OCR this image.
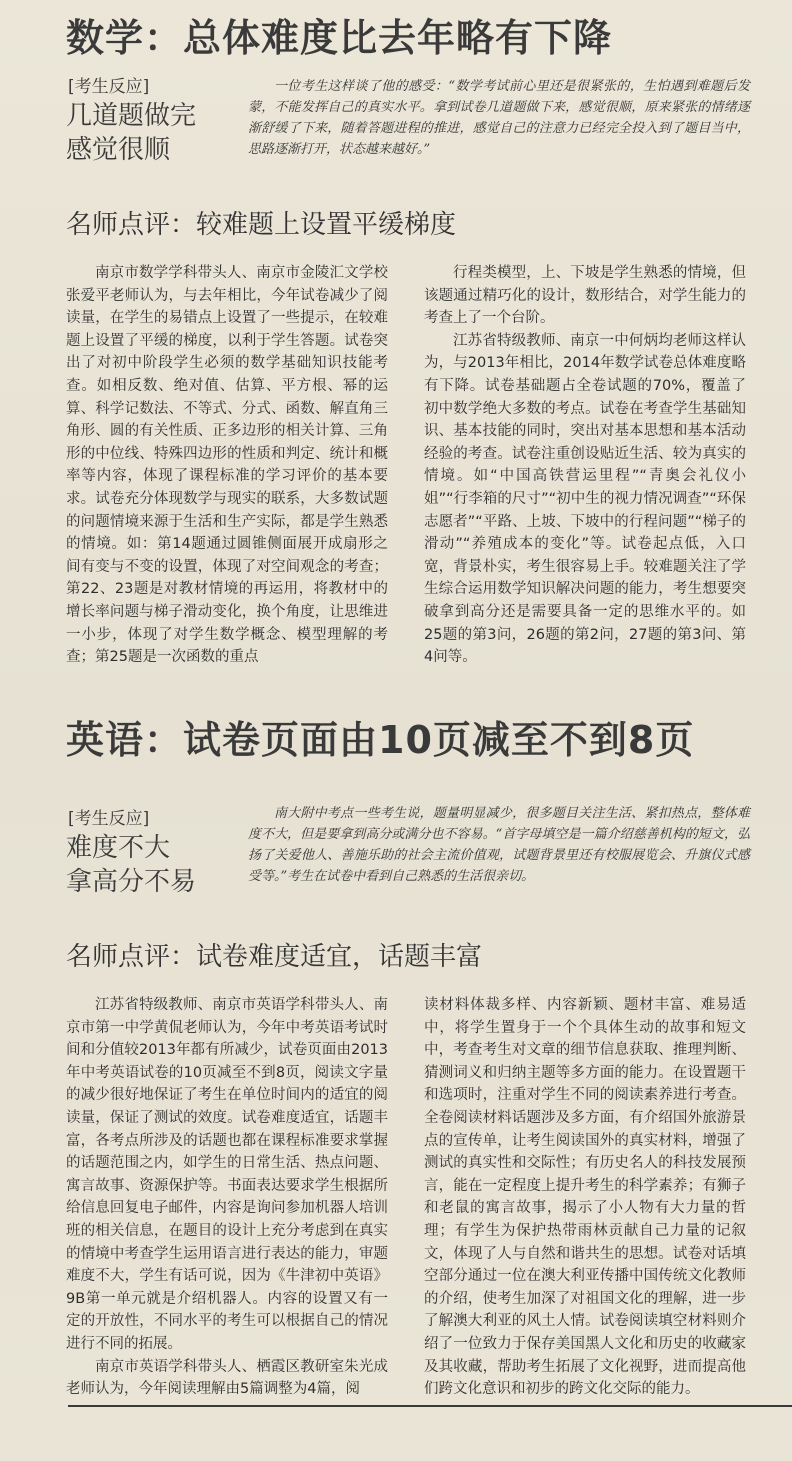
数学：总体难度比去年略有下降
[考生反应]
几道题做完
感觉很顺

一位考生这样谈了他的感受：“数学考试前心里还是很紧张的，生怕遇到难题后发蒙，不能发挥自己的真实水平。拿到试卷几道题做下来，感觉很顺，原来紧张的情绪逐渐舒缓了下来，随着答题进程的推进，感觉自己的注意力已经完全投入到了题目当中，思路逐渐打开，状态越来越好。”

名师点评：较难题上设置平缓梯度

南京市数学学科带头人、南京市金陵汇文学校张爱平老师认为，与去年相比，今年试卷减少了阅读量，在学生的易错点上设置了一些提示，在较难题上设置了平缓的梯度，以利于学生答题。试卷突出了对初中阶段学生必须的数学基础知识技能考查。如相反数、绝对值、估算、平方根、幂的运算、科学记数法、不等式、分式、函数、解直角三角形、圆的有关性质、正多边形的相关计算、三角形的中位线、特殊四边形的性质和判定、统计和概率等内容，体现了课程标准的学习评价的基本要求。试卷充分体现数学与现实的联系，大多数试题的问题情境来源于生活和生产实际，都是学生熟悉的情境。如：第14题通过圆锥侧面展开成扇形之间有变与不变的设置，体现了对空间观念的考查；第22、23题是对教材情境的再运用，将教材中的增长率问题与梯子滑动变化，换个角度，让思维进一小步，体现了对学生数学概念、模型理解的考查；第25题是一次函数的重点

行程类模型，上、下坡是学生熟悉的情境，但该题通过精巧化的设计，数形结合，对学生能力的考查上了一个台阶。

江苏省特级教师、南京一中何炳均老师这样认为，与2013年相比，2014年数学试卷总体难度略有下降。试卷基础题占全卷试题的70%，覆盖了初中数学绝大多数的考点。试卷在考查学生基础知识、基本技能的同时，突出对基本思想和基本活动经验的考查。试卷注重创设贴近生活、较为真实的情境。如“中国高铁营运里程”“青奥会礼仪小姐”“行李箱的尺寸”“初中生的视力情况调查”“环保志愿者”“平路、上坡、下坡中的行程问题”“梯子的滑动”“养殖成本的变化”等。试卷起点低，入口宽，背景朴实，考生很容易上手。较难题关注了学生综合运用数学知识解决问题的能力，考生想要突破拿到高分还是需要具备一定的思维水平的。如25题的第3问，26题的第2问，27题的第3问、第4问等。

英语：试卷页面由10页减至不到8页
[考生反应]
难度不大
拿高分不易

南大附中考点一些考生说，题量明显减少，很多题目关注生活、紧扣热点，整体难度不大，但是要拿到高分或满分也不容易。“首字母填空是一篇介绍慈善机构的短文，弘扬了关爱他人、善施乐助的社会主流价值观，试题背景里还有校服展览会、升旗仪式感受等。”考生在试卷中看到自己熟悉的生活很亲切。

名师点评：试卷难度适宜，话题丰富

江苏省特级教师、南京市英语学科带头人、南京市第一中学黄侃老师认为，今年中考英语考试时间和分值较2013年都有所减少，试卷页面由2013年中考英语试卷的10页减至不到8页，阅读文字量的减少很好地保证了考生在单位时间内的适宜的阅读量，保证了测试的效度。试卷难度适宜，话题丰富，各考点所涉及的话题也都在课程标准要求掌握的话题范围之内，如学生的日常生活、热点问题、寓言故事、资源保护等。书面表达要求学生根据所给信息回复电子邮件，内容是询问参加机器人培训班的相关信息，在题目的设计上充分考虑到在真实的情境中考查学生运用语言进行表达的能力，审题难度不大，学生有话可说，因为《牛津初中英语》9B第一单元就是介绍机器人。内容的设置又有一定的开放性，不同水平的考生可以根据自己的情况进行不同的拓展。

南京市英语学科带头人、栖霞区教研室朱光成老师认为，今年阅读理解由5篇调整为4篇，阅

读材料体裁多样、内容新颖、题材丰富、难易适中，将学生置身于一个个具体生动的故事和短文中，考查考生对文章的细节信息获取、推理判断、猜测词义和归纳主题等多方面的能力。在设置题干和选项时，注重对学生不同的阅读素养进行考查。全卷阅读材料话题涉及多方面，有介绍国外旅游景点的宣传单，让考生阅读国外的真实材料，增强了测试的真实性和交际性；有历史名人的科技发展预言，能在一定程度上提升考生的科学素养；有狮子和老鼠的寓言故事，揭示了小人物有大力量的哲理；有学生为保护热带雨林贡献自己力量的记叙文，体现了人与自然和谐共生的思想。试卷对话填空部分通过一位在澳大利亚传播中国传统文化教师的介绍，使考生加深了对祖国文化的理解，进一步了解澳大利亚的风土人情。试卷阅读填空材料则介绍了一位致力于保存美国黑人文化和历史的收藏家及其收藏，帮助考生拓展了文化视野，进而提高他们跨文化意识和初步的跨文化交际的能力。
